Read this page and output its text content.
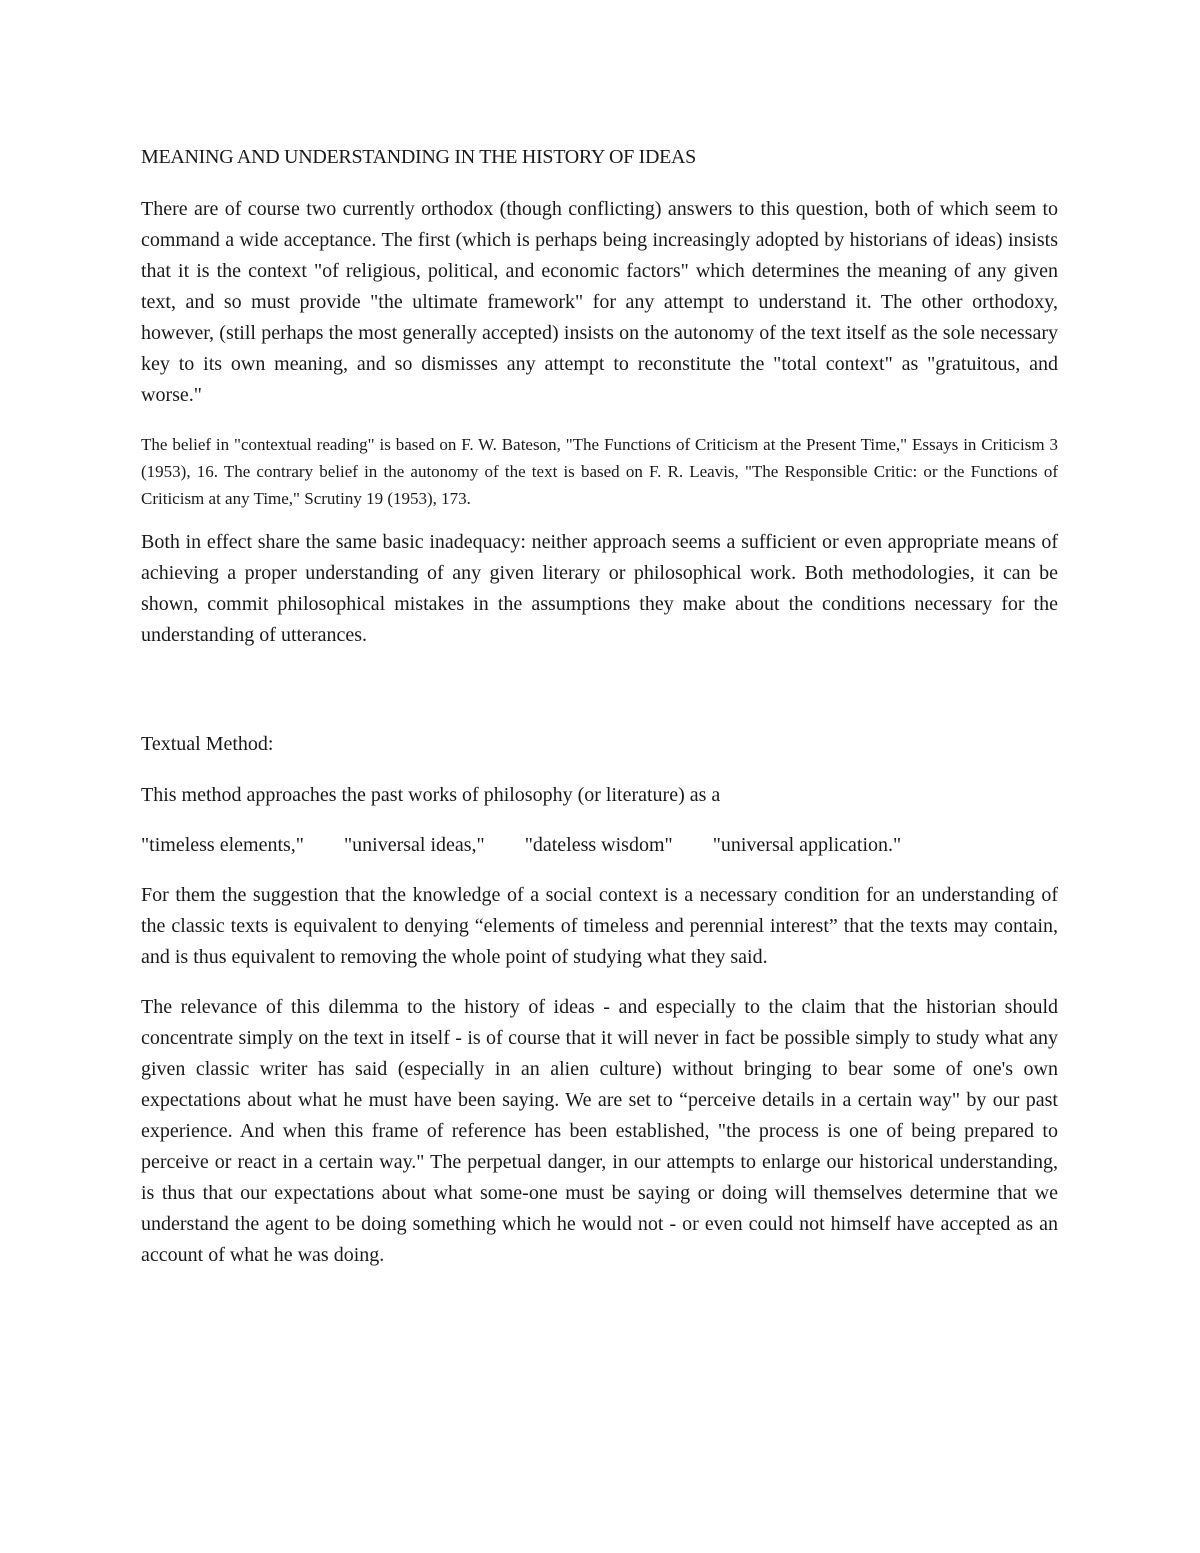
MEANING AND UNDERSTANDING IN THE HISTORY OF IDEAS

There are of course two currently orthodox (though conflicting) answers to this question, both of which seem to command a wide acceptance. The first (which is perhaps being increasingly adopted by historians of ideas) insists that it is the context "of religious, political, and economic factors" which determines the meaning of any given text, and so must provide "the ultimate framework" for any attempt to understand it. The other orthodoxy, however, (still perhaps the most generally accepted) insists on the autonomy of the text itself as the sole necessary key to its own meaning, and so dismisses any attempt to reconstitute the "total context" as "gratuitous, and worse."

The belief in "contextual reading" is based on F. W. Bateson, "The Functions of Criticism at the Present Time," Essays in Criticism 3 (1953), 16. The contrary belief in the autonomy of the text is based on F. R. Leavis, "The Responsible Critic: or the Functions of Criticism at any Time," Scrutiny 19 (1953), 173.

Both in effect share the same basic inadequacy: neither approach seems a sufficient or even appropriate means of achieving a proper understanding of any given literary or philosophical work. Both methodologies, it can be shown, commit philosophical mistakes in the assumptions they make about the conditions necessary for the understanding of utterances.

Textual Method:

This method approaches the past works of philosophy (or literature) as a

"timeless elements," "universal ideas," "dateless wisdom" "universal application."

For them the suggestion that the knowledge of a social context is a necessary condition for an understanding of the classic texts is equivalent to denying “elements of timeless and perennial interest” that the texts may contain, and is thus equivalent to removing the whole point of studying what they said.

The relevance of this dilemma to the history of ideas - and especially to the claim that the historian should concentrate simply on the text in itself - is of course that it will never in fact be possible simply to study what any given classic writer has said (especially in an alien culture) without bringing to bear some of one's own expectations about what he must have been saying. We are set to “perceive details in a certain way" by our past experience. And when this frame of reference has been established, "the process is one of being prepared to perceive or react in a certain way." The perpetual danger, in our attempts to enlarge our historical understanding, is thus that our expectations about what some-one must be saying or doing will themselves determine that we understand the agent to be doing something which he would not - or even could not himself have accepted as an account of what he was doing.
